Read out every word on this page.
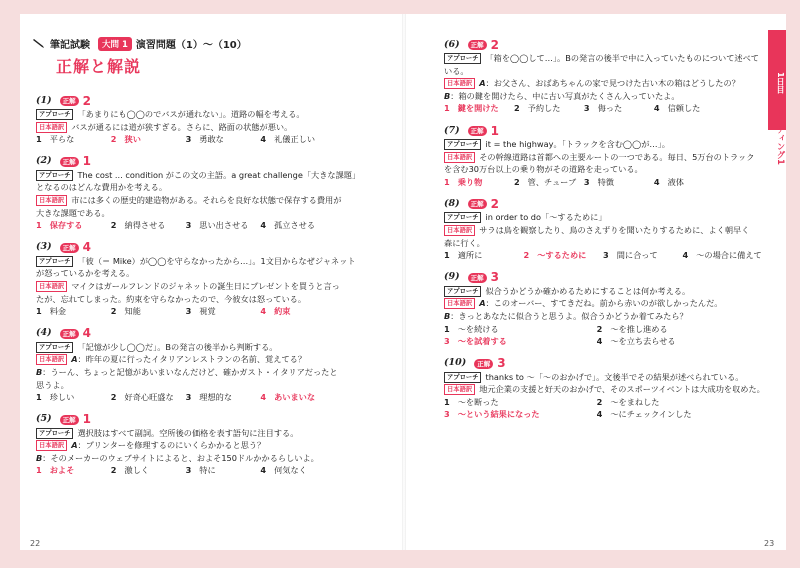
筆記試験	大問 1 演習問題（1）～（10）
正解と解説
(1)	正解 2
アプローチ 「あまりにも◯◯のでバスが通れない」。道路の幅を考える。
日本語訳 バスが通るには道が狭すぎる。さらに、路面の状態が悪い。
1 平らな	2 狭い	3 勇敢な	4 礼儀正しい
(2)	正解 1
アプローチ The cost ... condition がこの文の主語。a great challenge「大きな課題」
となるのはどんな費用かを考える。
日本語訳 市には多くの歴史的建造物がある。それらを良好な状態で保存する費用が
大きな課題である。
1 保存する	2 納得させる	3 思い出させる	4 孤立させる
(3)	正解 4
アプローチ 「彼（＝ Mike）が◯◯を守らなかったから…」。1文目からなぜジャネット
が怒っているかを考える。
日本語訳 マイクはガールフレンドのジャネットの誕生日にプレゼントを買うと言っ
たが、忘れてしまった。約束を守らなかったので、今彼女は怒っている。
1 料金	2 知能	3 視覚	4 約束
(4)	正解 4
アプローチ 「記憶が少し◯◯だ」。Bの発言の後半から判断する。
日本語訳 A：昨年の夏に行ったイタリアンレストランの名前、覚えてる？
B：うーん、ちょっと記憶があいまいなんだけど、確かガスト・イタリアだったと
思うよ。
1 珍しい	2 好奇心旺盛な	3 理想的な	4 あいまいな
(5)	正解 1
アプローチ 選択肢はすべて副詞。空所後の価格を表す語句に注目する。
日本語訳 A：プリンターを修理するのにいくらかかると思う？
B：そのメーカーのウェブサイトによると、およそ150ドルかかるらしいよ。
1 およそ	2 激しく	3 特に	4 何気なく
(6)	正解 2
アプローチ 「箱を◯◯して…」。Bの発言の後半で中に入っていたものについて述べて
いる。
日本語訳 A：お父さん、おばあちゃんの家で見つけた古い木の箱はどうしたの？
B：箱の鍵を開けたら、中に古い写真がたくさん入っていたよ。
1 鍵を開けた	2 予約した	3 侮った	4 信頼した
(7)	正解 1
アプローチ it = the highway。「トラックを含む◯◯が…」。
日本語訳 その幹線道路は首都への主要ルートの一つである。毎日、5万台のトラック
を含む30万台以上の乗り物がその道路を走っている。
1 乗り物	2 管、チューブ 3 特徴	4 液体
(8)	正解 2
アプローチ in order to do「～するために」
日本語訳 サラは鳥を観察したり、鳥のさえずりを聞いたりするために、よく朝早く
森に行く。
1 適所に	2 ～するために	3 間に合って	4 ～の場合に備えて
(9)	正解 3
アプローチ 似合うかどうか確かめるためにすることは何か考える。
日本語訳 A：このオーバー、すてきだね。前から赤いのが欲しかったんだ。
B：きっとあなたに似合うと思うよ。似合うかどうか着てみたら？
1 ～を続ける	2 ～を推し進める
3 ～を試着する	4 ～を立ち去らせる
(10)	正解 3
アプローチ thanks to ～「～のおかげで」。文後半でその結果が述べられている。
日本語訳 地元企業の支援と好天のおかげで、そのスポーツイベントは大成功を収めた。
1 ～を断った	2 ～をまねした
3 ～という結果になった	4 ～にチェックインした
22	23
1日目
リーディング1
